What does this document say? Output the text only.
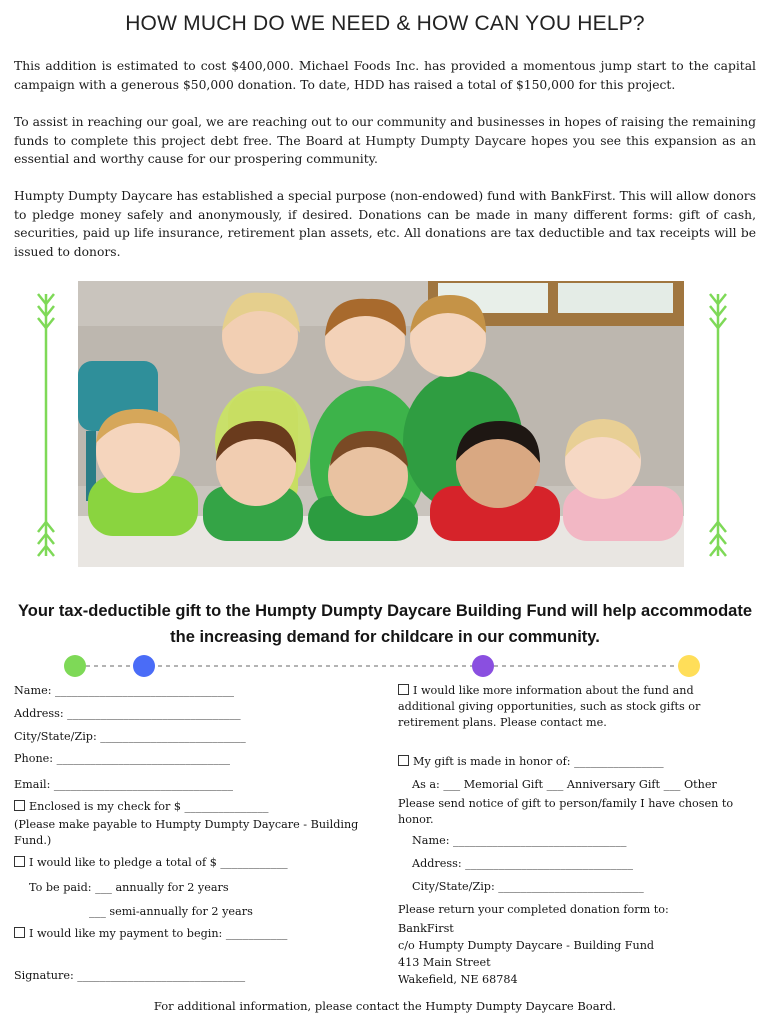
HOW MUCH DO WE NEED & HOW CAN YOU HELP?
This addition is estimated to cost $400,000. Michael Foods Inc. has provided a momentous jump start to the capital campaign with a generous $50,000 donation. To date, HDD has raised a total of $150,000 for this project.
To assist in reaching our goal, we are reaching out to our community and businesses in hopes of raising the remaining funds to complete this project debt free. The Board at Humpty Dumpty Daycare hopes you see this expansion as an essential and worthy cause for our prospering community.
Humpty Dumpty Daycare has established a special purpose (non-endowed) fund with BankFirst. This will allow donors to pledge money safely and anonymously, if desired. Donations can be made in many different forms: gift of cash, securities, paid up life insurance, retirement plan assets, etc. All donations are tax deductible and tax receipts will be issued to donors.
Your tax-deductible gift to the Humpty Dumpty Daycare Building Fund will help accommodate
the increasing demand for childcare in our community.
Name: ________________________________
Address: _______________________________
City/State/Zip: __________________________
Phone: _______________________________
Email: ________________________________
Enclosed is my check for $ _______________
(Please make payable to Humpty Dumpty Daycare - Building Fund.)
I would like to pledge a total of $ ____________
To be paid: ___ annually for 2 years
___ semi-annually for 2 years
I would like my payment to begin: ___________
Signature: ______________________________
I would like more information about the fund and additional giving opportunities, such as stock gifts or retirement plans. Please contact me.
My gift is made in honor of: ________________
As a: ___ Memorial Gift ___ Anniversary Gift ___ Other
Please send notice of gift to person/family I have chosen to honor.
Name: _______________________________
Address: ______________________________
City/State/Zip: __________________________
Please return your completed donation form to:
BankFirst
c/o Humpty Dumpty Daycare - Building Fund
413 Main Street
Wakefield, NE 68784
For additional information, please contact the Humpty Dumpty Daycare Board.
